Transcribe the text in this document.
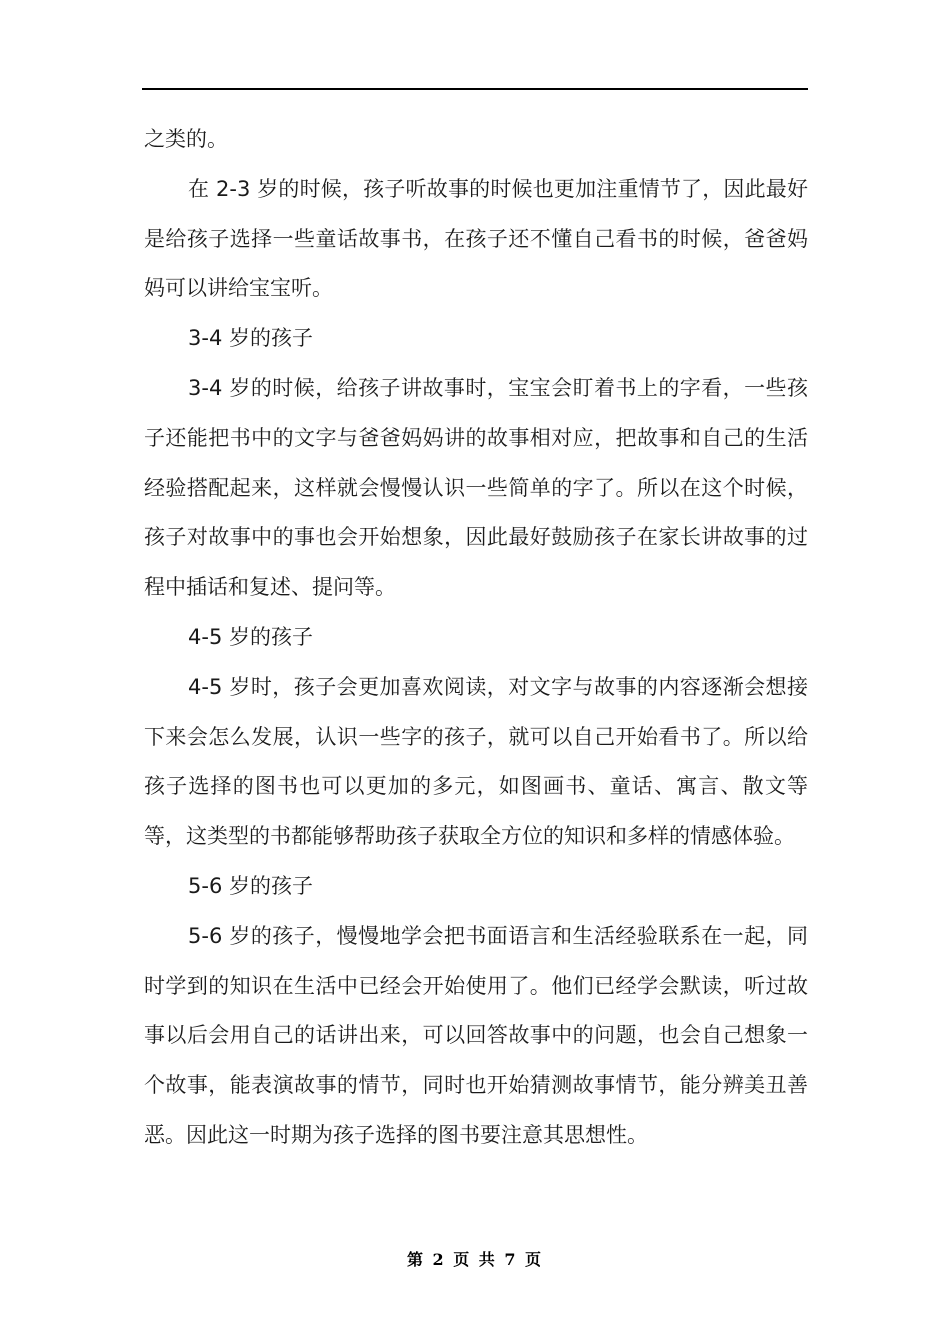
之类的。

在 2-3 岁的时候，孩子听故事的时候也更加注重情节了，因此最好是给孩子选择一些童话故事书，在孩子还不懂自己看书的时候，爸爸妈妈可以讲给宝宝听。

3-4 岁的孩子

3-4 岁的时候，给孩子讲故事时，宝宝会盯着书上的字看，一些孩子还能把书中的文字与爸爸妈妈讲的故事相对应，把故事和自己的生活经验搭配起来，这样就会慢慢认识一些简单的字了。所以在这个时候，孩子对故事中的事也会开始想象，因此最好鼓励孩子在家长讲故事的过程中插话和复述、提问等。

4-5 岁的孩子

4-5 岁时，孩子会更加喜欢阅读，对文字与故事的内容逐渐会想接下来会怎么发展，认识一些字的孩子，就可以自己开始看书了。所以给孩子选择的图书也可以更加的多元，如图画书、童话、寓言、散文等等，这类型的书都能够帮助孩子获取全方位的知识和多样的情感体验。

5-6 岁的孩子

5-6 岁的孩子，慢慢地学会把书面语言和生活经验联系在一起，同时学到的知识在生活中已经会开始使用了。他们已经学会默读，听过故事以后会用自己的话讲出来，可以回答故事中的问题，也会自己想象一个故事，能表演故事的情节，同时也开始猜测故事情节，能分辨美丑善恶。因此这一时期为孩子选择的图书要注意其思想性。

第 2 页 共 7 页
